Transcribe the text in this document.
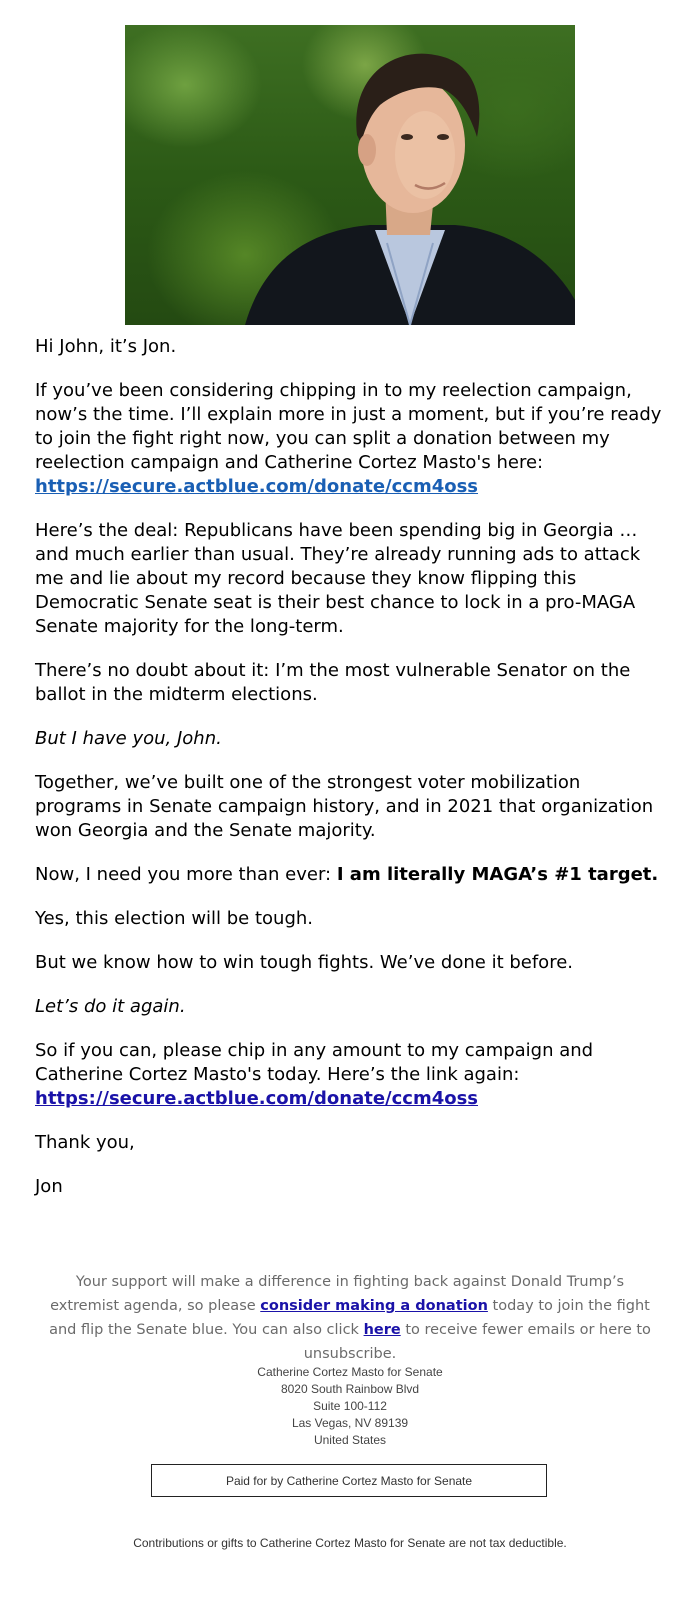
Hi John, it’s Jon.

If you’ve been considering chipping in to my reelection campaign, now’s the time. I’ll explain more in just a moment, but if you’re ready to join the fight right now, you can split a donation between my reelection campaign and Catherine Cortez Masto's here: https://secure.actblue.com/donate/ccm4oss

Here’s the deal: Republicans have been spending big in Georgia … and much earlier than usual. They’re already running ads to attack me and lie about my record because they know flipping this Democratic Senate seat is their best chance to lock in a pro-MAGA Senate majority for the long-term.

There’s no doubt about it: I’m the most vulnerable Senator on the ballot in the midterm elections.

But I have you, John.

Together, we’ve built one of the strongest voter mobilization programs in Senate campaign history, and in 2021 that organization won Georgia and the Senate majority.

Now, I need you more than ever: I am literally MAGA’s #1 target.

Yes, this election will be tough.

But we know how to win tough fights. We’ve done it before.

Let’s do it again.

So if you can, please chip in any amount to my campaign and Catherine Cortez Masto's today. Here’s the link again: https://secure.actblue.com/donate/ccm4oss

Thank you,

Jon

Your support will make a difference in fighting back against Donald Trump’s extremist agenda, so please consider making a donation today to join the fight and flip the Senate blue. You can also click here to receive fewer emails or here to unsubscribe.
Catherine Cortez Masto for Senate
8020 South Rainbow Blvd
Suite 100-112
Las Vegas, NV 89139
United States
Paid for by Catherine Cortez Masto for Senate
Contributions or gifts to Catherine Cortez Masto for Senate are not tax deductible.
